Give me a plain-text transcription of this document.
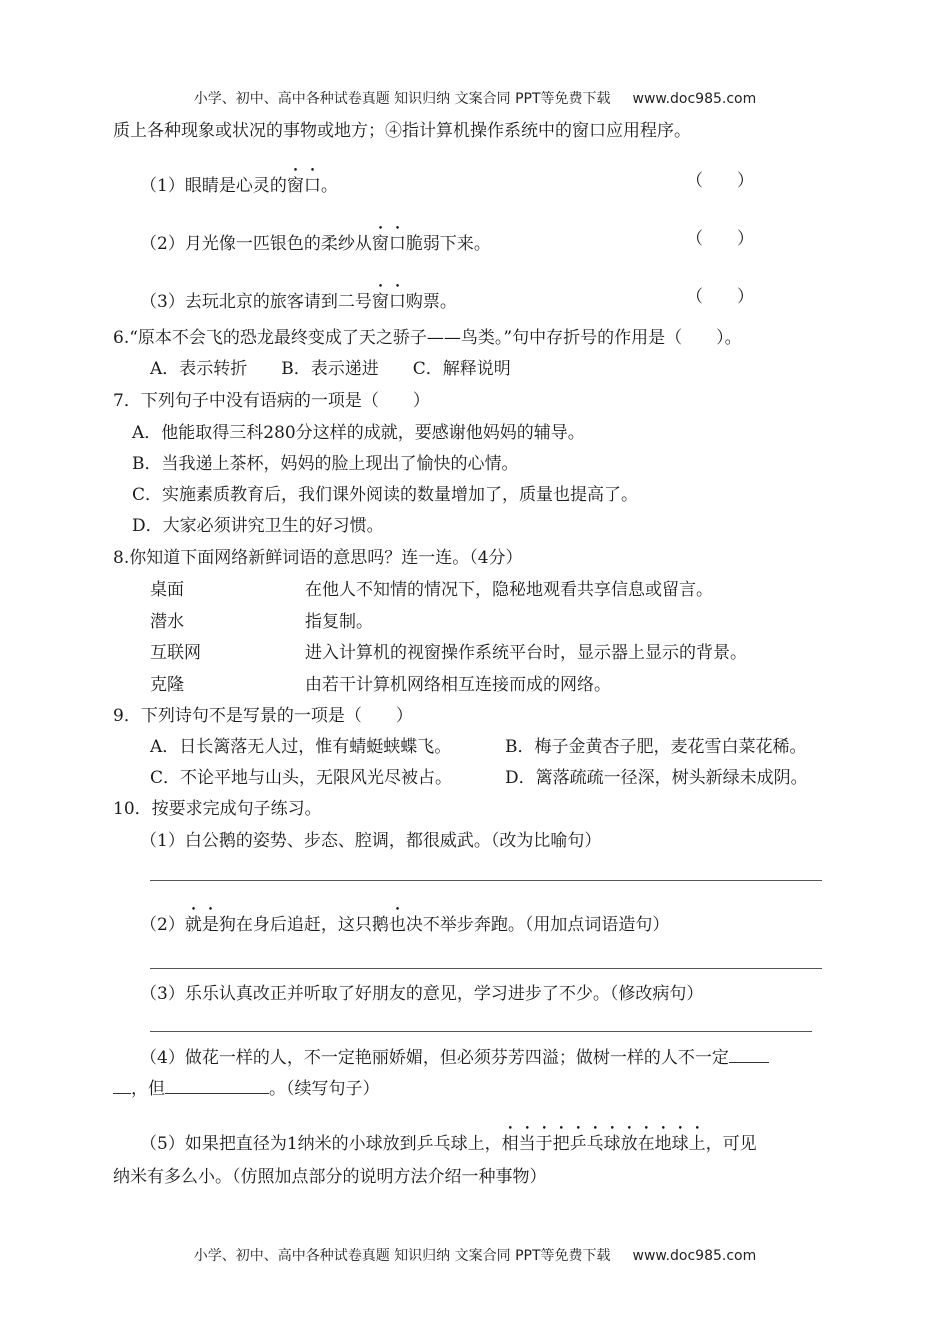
小学、初中、高中各种试卷真题 知识归纳 文案合同 PPT等免费下载 www.doc985.com
质上各种现象或状况的事物或地方；④指计算机操作系统中的窗口应用程序。
（1）眼睛是心灵的窗口。	（　　）
（2）月光像一匹银色的柔纱从窗口脆弱下来。	（　　）
（3）去玩北京的旅客请到二号窗口购票。	（　　）
6.“原本不会飞的恐龙最终变成了天之骄子——鸟类。”句中存折号的作用是（　　）。
A．表示转折　　B．表示递进　　C．解释说明
7．下列句子中没有语病的一项是（　　）
A．他能取得三科280分这样的成就，要感谢他妈妈的辅导。
B．当我递上茶杯，妈妈的脸上现出了愉快的心情。
C．实施素质教育后，我们课外阅读的数量增加了，质量也提高了。
D．大家必须讲究卫生的好习惯。
8.你知道下面网络新鲜词语的意思吗？连一连。（4分）
桌面	在他人不知情的情况下，隐秘地观看共享信息或留言。
潜水	指复制。
互联网	进入计算机的视窗操作系统平台时，显示器上显示的背景。
克隆	由若干计算机网络相互连接而成的网络。
9．下列诗句不是写景的一项是（　　）
A．日长篱落无人过，惟有蜻蜓蛱蝶飞。	B．梅子金黄杏子肥，麦花雪白菜花稀。
C．不论平地与山头，无限风光尽被占。	D．篱落疏疏一径深，树头新绿未成阴。
10．按要求完成句子练习。
（1）白公鹅的姿势、步态、腔调，都很威武。（改为比喻句）
（2）就是狗在身后追赶，这只鹅也决不举步奔跑。（用加点词语造句）
（3）乐乐认真改正并听取了好朋友的意见，学习进步了不少。（修改病句）
（4）做花一样的人，不一定艳丽娇媚，但必须芬芳四溢；做树一样的人不一定
，但	。（续写句子）
（5）如果把直径为1纳米的小球放到乒乓球上，相当于把乒乓球放在地球上，可见
纳米有多么小。（仿照加点部分的说明方法介绍一种事物）
小学、初中、高中各种试卷真题 知识归纳 文案合同 PPT等免费下载 www.doc985.com
